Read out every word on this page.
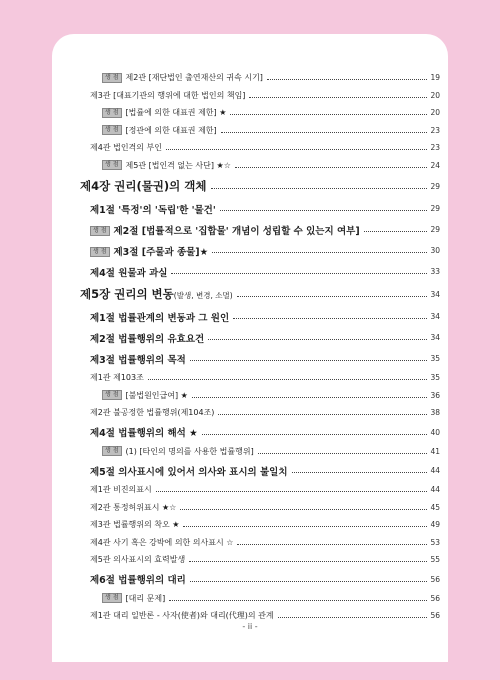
생 점 제2관 [재단법인 출연재산의 귀속 시기]	19
제3관 [대표기관의 행위에 대한 법인의 책임]	20
생 점 [법률에 의한 대표권 제한] ★	20
생 점 [정관에 의한 대표권 제한]	23
제4관 법인격의 부인	23
생 점 제5관 [법인격 없는 사단] ★☆	24
제4장 권리(물권)의 객체	29
제1절 '특정'의 '독립'한 '물건'	29
생 점 제2절 [법률적으로 '집합물' 개념이 성립할 수 있는지 여부]	29
생 점 제3절 [주물과 종물]★	30
제4절 원물과 과실	33
제5장 권리의 변동(발생, 변경, 소멸)	34
제1절 법률관계의 변동과 그 원인	34
제2절 법률행위의 유효요건	34
제3절 법률행위의 목적	35
제1관 제103조	35
생 점 [불법원인급여] ★	36
제2관 불공정한 법률행위(제104조)	38
제4절 법률행위의 해석 ★	40
생 점 (1) [타인의 명의를 사용한 법률행위]	41
제5절 의사표시에 있어서 의사와 표시의 불일치	44
제1관 비진의표시	44
제2관 통정허위표시 ★☆	45
제3관 법률행위의 착오 ★	49
제4관 사기 혹은 강박에 의한 의사표시 ☆	53
제5관 의사표시의 효력발생	55
제6절 법률행위의 대리	56
생 점 [대리 문제]	56
제1관 대리 일반론 - 사자(使者)와 대리(代理)의 관계	56
- ii -
